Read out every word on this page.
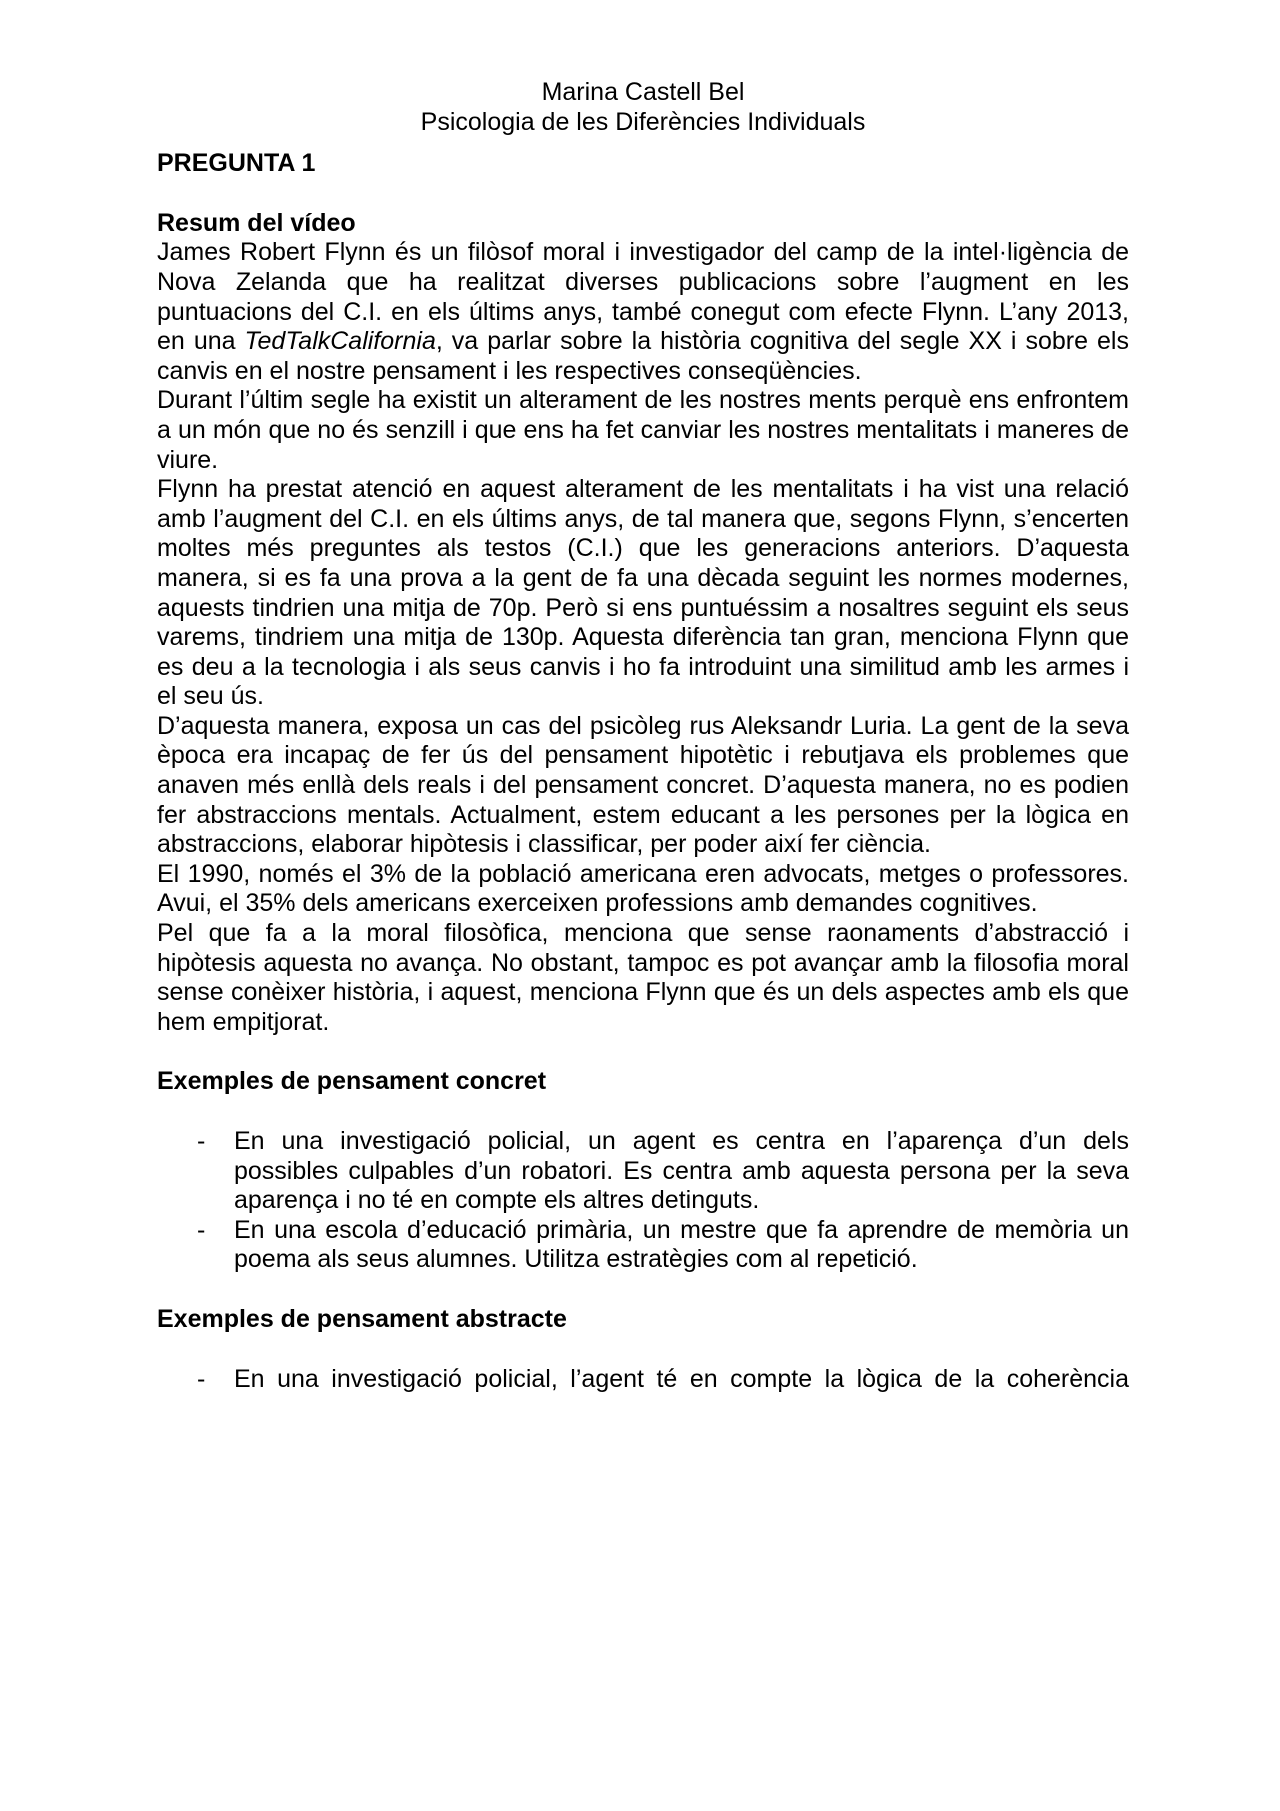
Marina Castell Bel

Psicologia de les Diferències Individuals

PREGUNTA 1
Resum del vídeo

James Robert Flynn és un filòsof moral i investigador del camp de la intel·ligència de Nova Zelanda que ha realitzat diverses publicacions sobre l’augment en les puntuacions del C.I. en els últims anys, també conegut com efecte Flynn. L’any 2013, en una TedTalkCalifornia, va parlar sobre la història cognitiva del segle XX i sobre els canvis en el nostre pensament i les respectives conseqüències.

Durant l’últim segle ha existit un alterament de les nostres ments perquè ens enfrontem a un món que no és senzill i que ens ha fet canviar les nostres mentalitats i maneres de viure.

Flynn ha prestat atenció en aquest alterament de les mentalitats i ha vist una relació amb l’augment del C.I. en els últims anys, de tal manera que, segons Flynn, s’encerten moltes més preguntes als testos (C.I.) que les generacions anteriors. D’aquesta manera, si es fa una prova a la gent de fa una dècada seguint les normes modernes, aquests tindrien una mitja de 70p. Però si ens puntuéssim a nosaltres seguint els seus varems, tindriem una mitja de 130p. Aquesta diferència tan gran, menciona Flynn que es deu a la tecnologia i als seus canvis i ho fa introduint una similitud amb les armes i el seu ús.

D’aquesta manera, exposa un cas del psicòleg rus Aleksandr Luria. La gent de la seva època era incapaç de fer ús del pensament hipotètic i rebutjava els problemes que anaven més enllà dels reals i del pensament concret. D’aquesta manera, no es podien fer abstraccions mentals. Actualment, estem educant a les persones per la lògica en abstraccions, elaborar hipòtesis i classificar, per poder així fer ciència.

El 1990, només el 3% de la població americana eren advocats, metges o professores. Avui, el 35% dels americans exerceixen professions amb demandes cognitives.

Pel que fa a la moral filosòfica, menciona que sense raonaments d’abstracció i hipòtesis aquesta no avança. No obstant, tampoc es pot avançar amb la filosofia moral sense conèixer història, i aquest, menciona Flynn que és un dels aspectes amb els que hem empitjorat.

Exemples de pensament concret
- En una investigació policial, un agent es centra en l’aparença d’un dels possibles culpables d’un robatori. Es centra amb aquesta persona per la seva aparença i no té en compte els altres detinguts.
- En una escola d’educació primària, un mestre que fa aprendre de memòria un poema als seus alumnes. Utilitza estratègies com al repetició.
Exemples de pensament abstracte
- En una investigació policial, l’agent té en compte la lògica de la coherència
